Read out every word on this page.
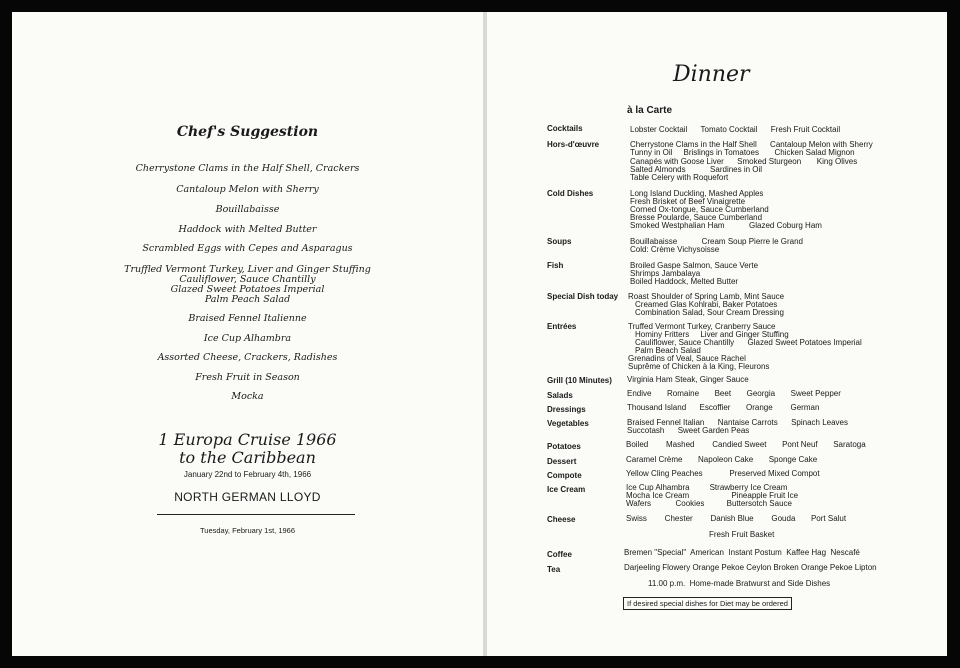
Chef's Suggestion
Cherrystone Clams in the Half Shell, Crackers
Cantaloup Melon with Sherry
Bouillabaisse
Haddock with Melted Butter
Scrambled Eggs with Cepes and Asparagus
Truffled Vermont Turkey, Liver and Ginger Stuffing
Cauliflower, Sauce Chantilly
Glazed Sweet Potatoes Imperial
Palm Peach Salad
Braised Fennel Italienne
Ice Cup Alhambra
Assorted Cheese, Crackers, Radishes
Fresh Fruit in Season
Mocka
1 Europa Cruise 1966
to the Caribbean
January 22nd to February 4th, 1966
NORTH GERMAN LLOYD
Tuesday, February 1st, 1966
Dinner
à la Carte
Cocktails	Lobster Cocktail      Tomato Cocktail      Fresh Fruit Cocktail
Hors-d'œuvre	Cherrystone Clams in the Half Shell      Cantaloup Melon with Sherry
Tunny in Oil     Brislings in Tomatoes       Chicken Salad Mignon
Canapés with Goose Liver      Smoked Sturgeon       King Olives
Salted Almonds           Sardines in Oil
Table Celery with Roquefort
Cold Dishes	Long Island Duckling, Mashed Apples
Fresh Brisket of Beef Vinaigrette
Corned Ox-tongue, Sauce Cumberland
Bresse Poularde, Sauce Cumberland
Smoked Westphalian Ham           Glazed Coburg Ham
Soups	Bouillabaisse           Cream Soup Pierre le Grand
Cold: Crème Vichysoisse
Fish	Broiled Gaspe Salmon, Sauce Verte
Shrimps Jambalaya
Boiled Haddock, Melted Butter
Special Dish today Roast Shoulder of Spring Lamb, Mint Sauce
Creamed Glas Kohlrabi, Baker Potatoes
Combination Salad, Sour Cream Dressing
Entrées	Truffed Vermont Turkey, Cranberry Sauce
Hominy Fritters     Liver and Ginger Stuffing
Cauliflower, Sauce Chantilly      Glazed Sweet Potatoes Imperial
Palm Beach Salad
Grenadins of Veal, Sauce Rachel
Suprême of Chicken à la King, Fleurons
Grill (10 Minutes) Virginia Ham Steak, Ginger Sauce
Salads	Endive       Romaine       Beet       Georgia       Sweet Pepper
Dressings	Thousand Island      Escoffier       Orange        German
Vegetables	Braised Fennel Italian      Nantaise Carrots      Spinach Leaves
Succotash      Sweet Garden Peas
Potatoes	Boiled        Mashed        Candied Sweet       Pont Neuf       Saratoga
Dessert	Caramel Crème       Napoleon Cake       Sponge Cake
Compote	Yellow Cling Peaches            Preserved Mixed Compot
Ice Cream	Ice Cup Alhambra         Strawberry Ice Cream
Mocha Ice Cream                   Pineapple Fruit Ice
Wafers           Cookies          Buttersotch Sauce
Cheese	Swiss        Chester        Danish Blue        Gouda       Port Salut
Fresh Fruit Basket
Coffee	Bremen "Special"  American  Instant Postum  Kaffee Hag  Nescafé
Tea	Darjeeling Flowery Orange Pekoe Ceylon Broken Orange Pekoe Lipton
11.00 p.m.  Home-made Bratwurst and Side Dishes
If desired special dishes for Diet may be ordered
